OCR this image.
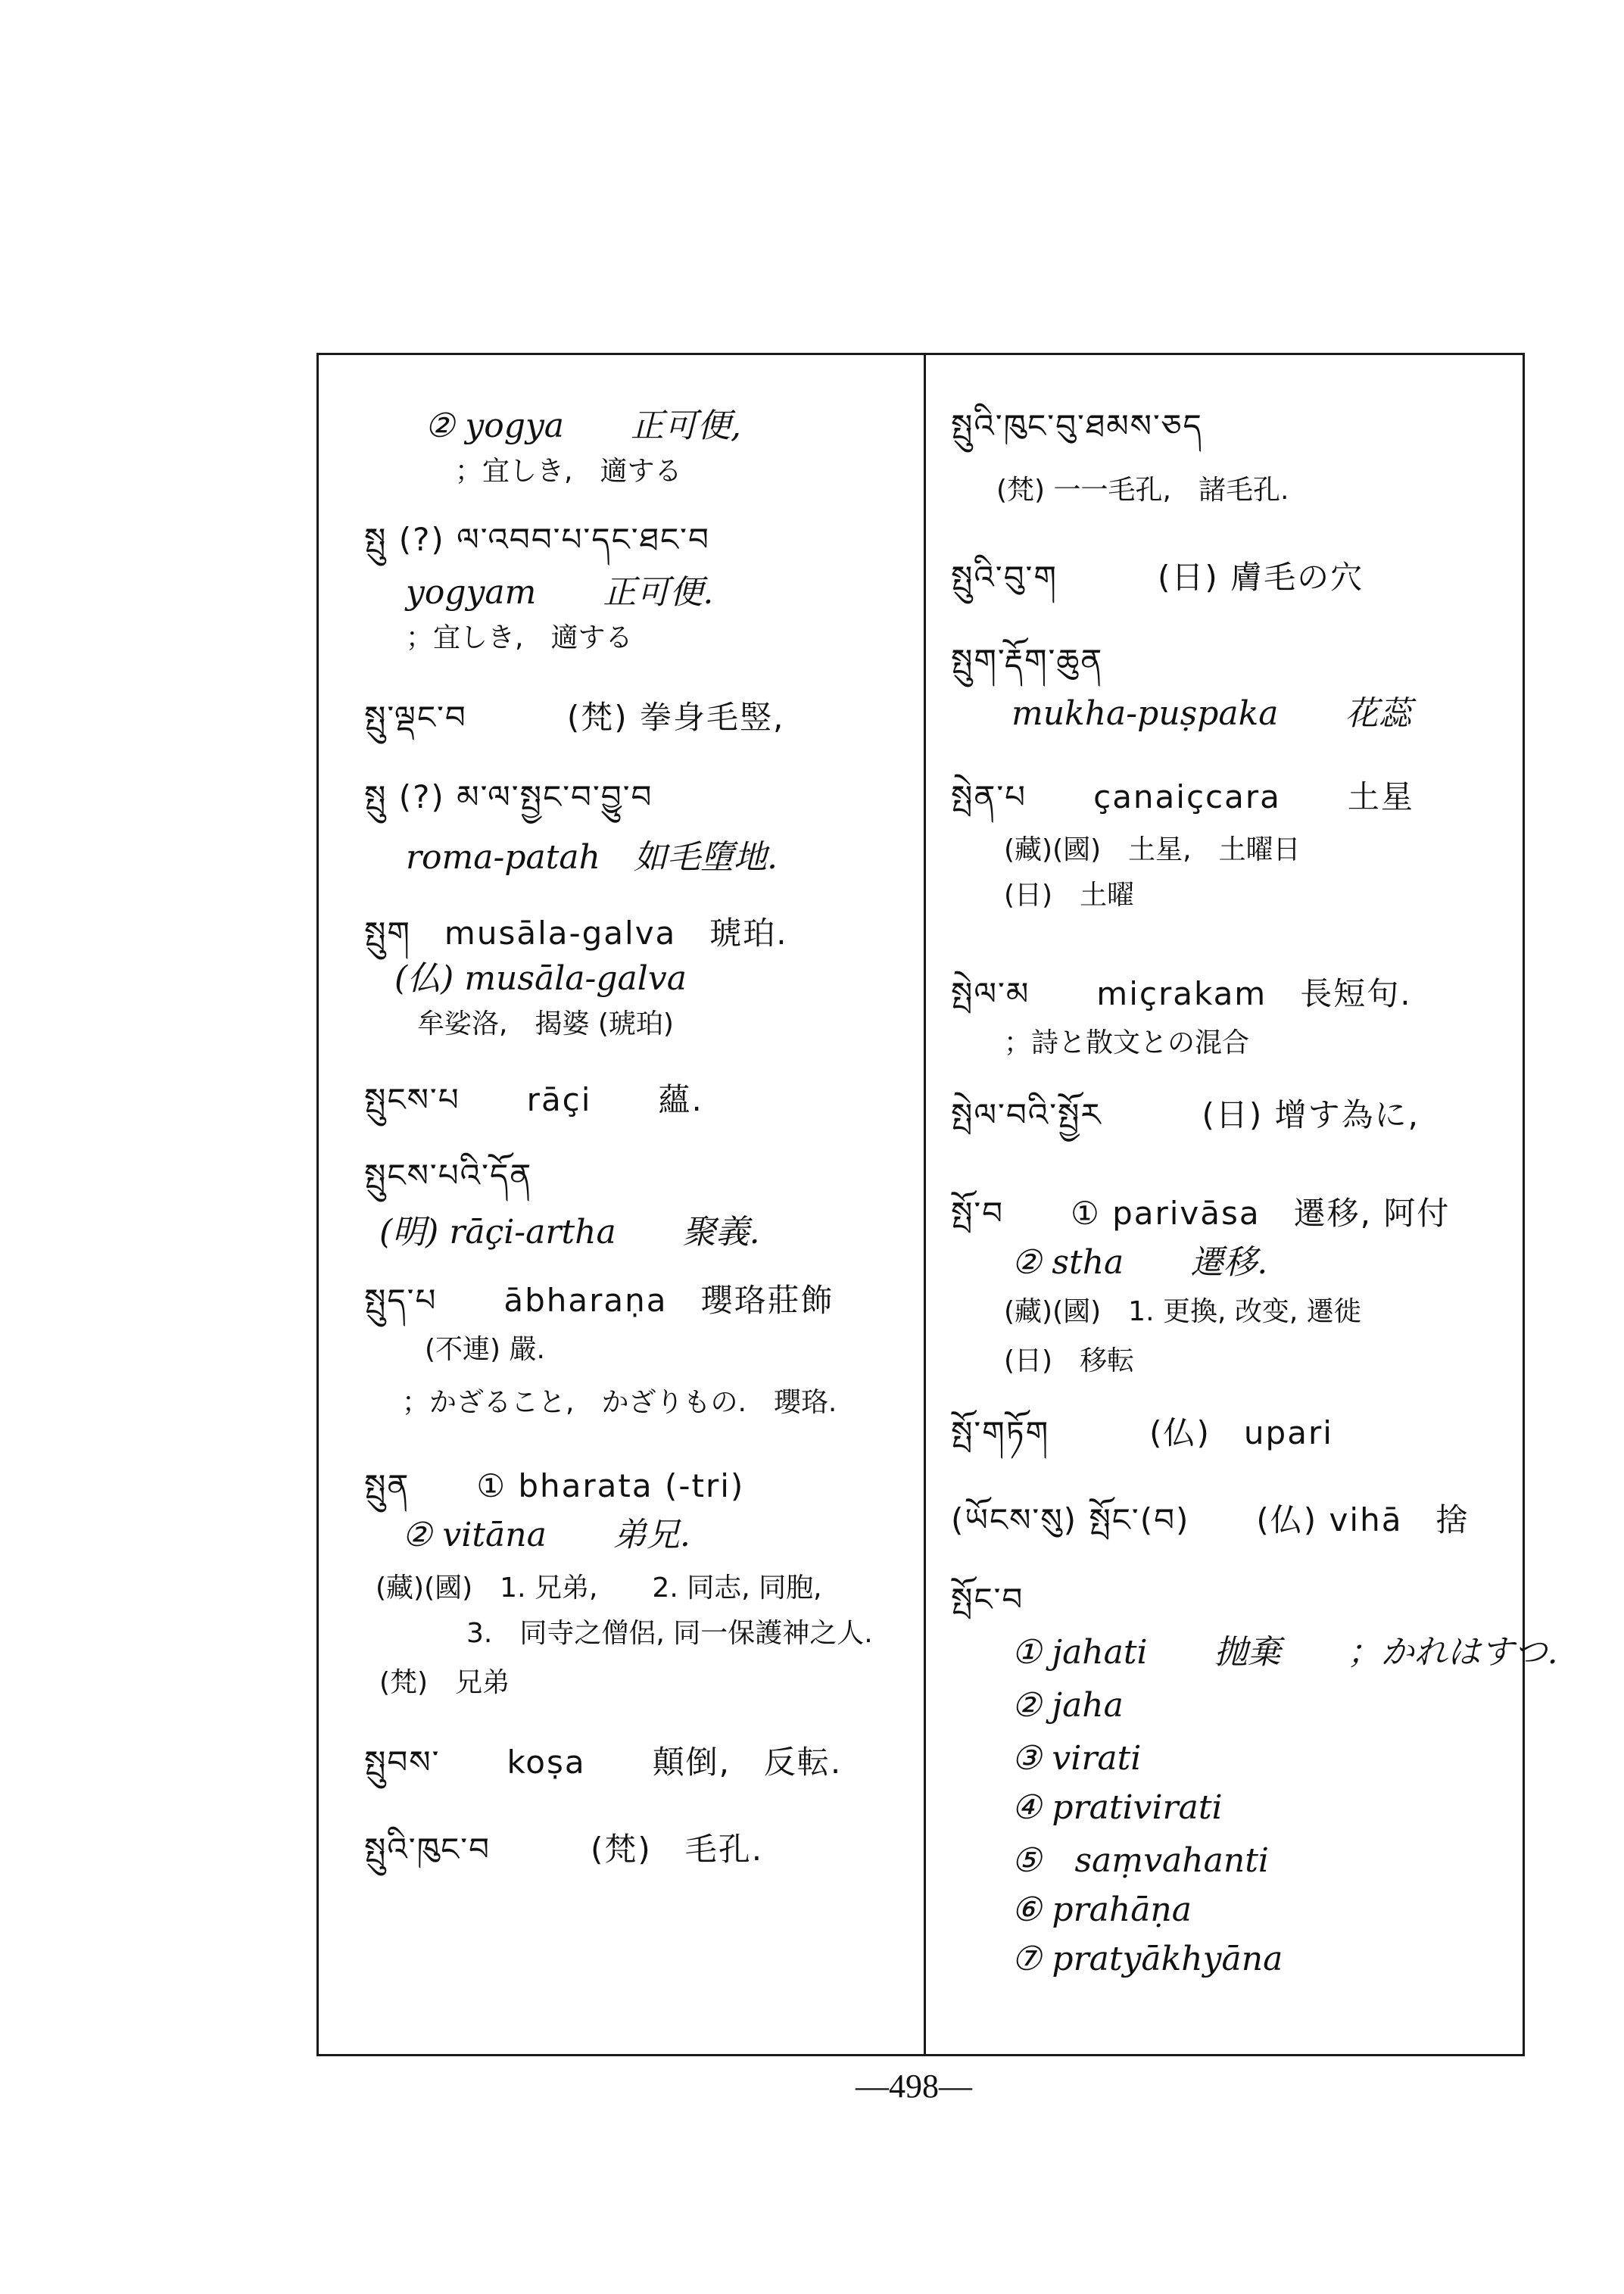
② yogya　　正可便,
；宜しき,　適する
སྤུ (?) ལ་འབབ་པ་དང་ཐང་བ
yogyam　　正可便.
；宜しき,　適する
སྤུ་ལྡང་བ　　　(梵) 拳身毛竪,
སྤུ (?) མ་ལ་སྤྱང་བ་བྱུ་བ
roma-patah　如毛墮地.
སྤུག　musāla-galva　琥珀.
(仏) musāla-galva
牟娑洛,　揭婆 (琥珀)
སྤུངས་པ　　rāçi　　蘊.
སྤུངས་པའི་དོན
(明) rāçi-artha　　聚義.
སྤུད་པ　　ābharaṇa　瓔珞莊飾
(不連) 嚴.
；かざること,　かざりもの.　瓔珞.
སྤུན　　① bharata (-tri)
② vitāna　　弟兄.
(藏)(國)　1. 兄弟,　　2. 同志, 同胞,
3.　同寺之僧侶, 同一保護神之人.
(梵)　兄弟
སྤུབས་　　koṣa　　顛倒,　反転.
སྤུའི་ཁུང་བ　　　(梵)　毛孔.
སྤུའི་ཁུང་བུ་ཐམས་ཅད
(梵) 一一毛孔,　諸毛孔.
སྤུའི་བུ་ག　　　(日) 膚毛の穴
སྤུག་རྡོག་ཆུན
mukha-puṣpaka　　花蕊
སྤེན་པ　　çanaiçcara　　土星
(藏)(國)　土星,　土曜日
(日)　土曜
སྤེལ་མ　　miçrakam　長短句.
；詩と散文との混合
སྤེལ་བའི་སྤྱོར　　　(日) 增す為に,
སྤོ་བ　　① parivāsa　遷移, 阿付
② stha　　遷移.
(藏)(國)　1. 更換, 改变, 遷徙
(日)　移転
སྤོ་གཏོག　　　(仏)　upari
(ཡོངས་སུ) སྤོང་(བ)　　(仏) vihā　捨
སྤོང་བ
① jahati　　抛棄　　；かれはすつ.
② jaha
③ virati
④ prativirati
⑤　saṃvahanti
⑥ prahāṇa
⑦ pratyākhyāna
—498—
